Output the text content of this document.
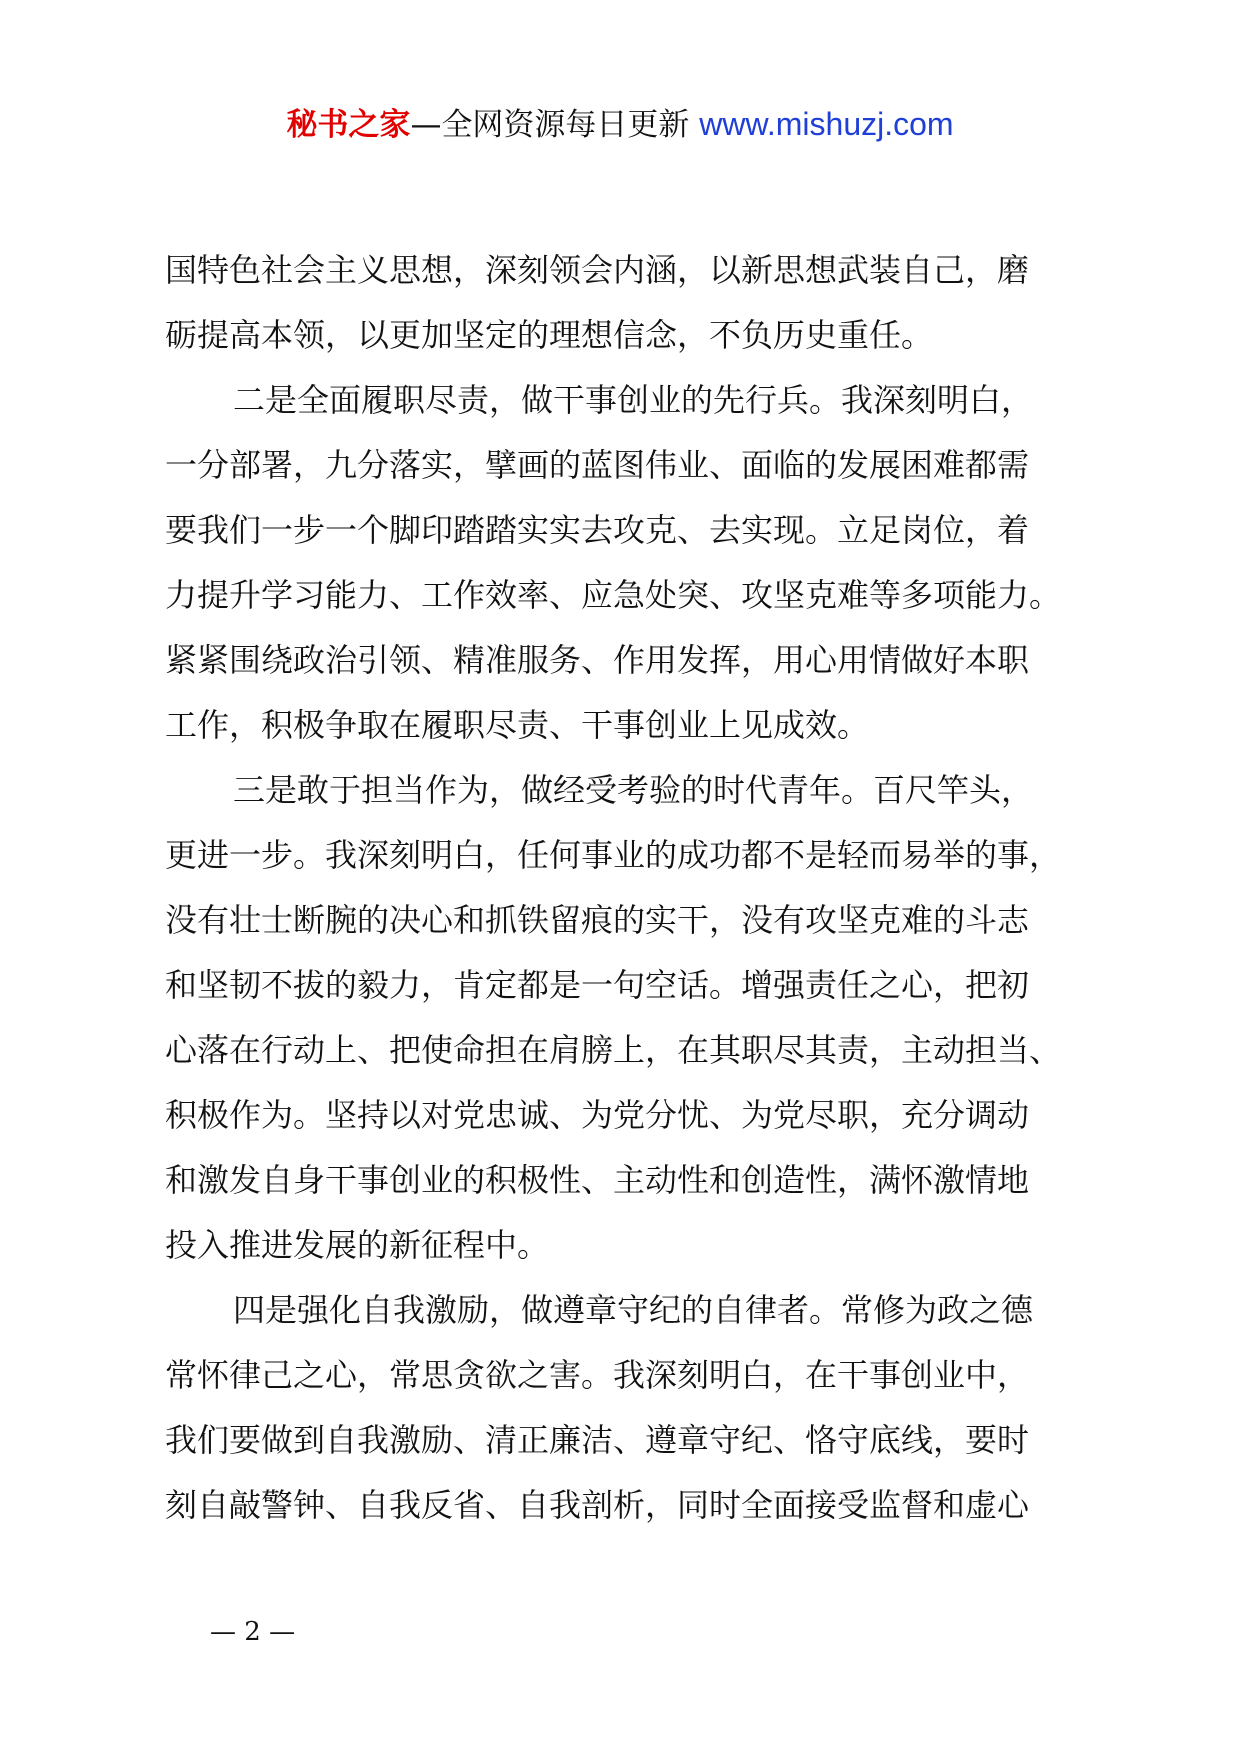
秘书之家—全网资源每日更新 www.mishuzj.com
国特色社会主义思想，深刻领会内涵，以新思想武装自己，磨
砺提高本领，以更加坚定的理想信念，不负历史重任。
二是全面履职尽责，做干事创业的先行兵。我深刻明白，
一分部署，九分落实，擘画的蓝图伟业、面临的发展困难都需
要我们一步一个脚印踏踏实实去攻克、去实现。立足岗位，着
力提升学习能力、工作效率、应急处突、攻坚克难等多项能力。
紧紧围绕政治引领、精准服务、作用发挥，用心用情做好本职
工作，积极争取在履职尽责、干事创业上见成效。
三是敢于担当作为，做经受考验的时代青年。百尺竿头，
更进一步。我深刻明白，任何事业的成功都不是轻而易举的事，
没有壮士断腕的决心和抓铁留痕的实干，没有攻坚克难的斗志
和坚韧不拔的毅力，肯定都是一句空话。增强责任之心，把初
心落在行动上、把使命担在肩膀上，在其职尽其责，主动担当、
积极作为。坚持以对党忠诚、为党分忧、为党尽职，充分调动
和激发自身干事创业的积极性、主动性和创造性，满怀激情地
投入推进发展的新征程中。
四是强化自我激励，做遵章守纪的自律者。常修为政之德
常怀律己之心，常思贪欲之害。我深刻明白，在干事创业中，
我们要做到自我激励、清正廉洁、遵章守纪、恪守底线，要时
刻自敲警钟、自我反省、自我剖析，同时全面接受监督和虚心
— 2 —
